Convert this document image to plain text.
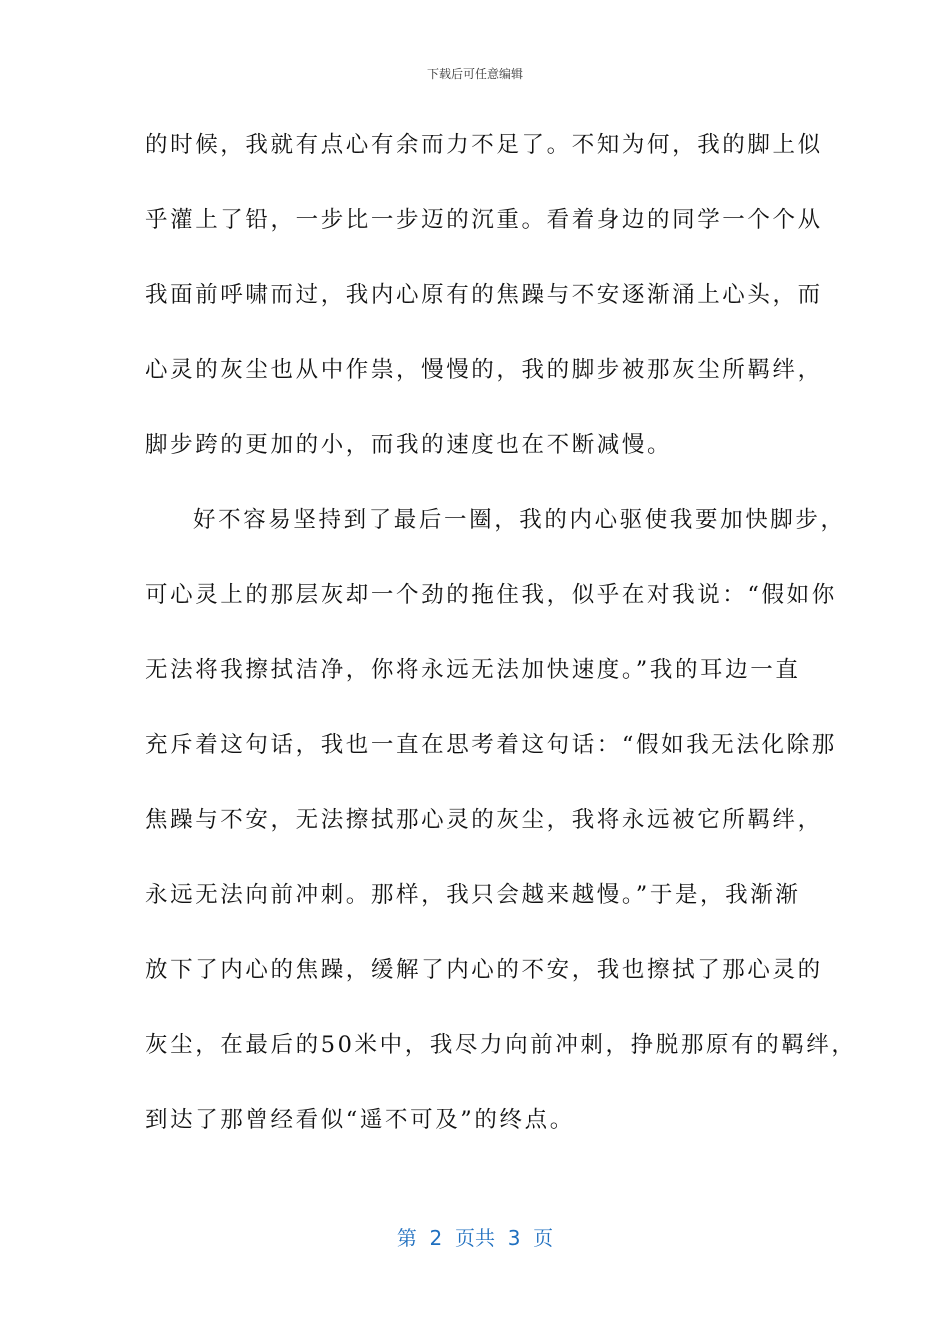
下载后可任意编辑
的时候，我就有点心有余而力不足了。不知为何，我的脚上似
乎灌上了铅，一步比一步迈的沉重。看着身边的同学一个个从
我面前呼啸而过，我内心原有的焦躁与不安逐渐涌上心头，而
心灵的灰尘也从中作祟，慢慢的，我的脚步被那灰尘所羁绊，
脚步跨的更加的小，而我的速度也在不断减慢。
好不容易坚持到了最后一圈，我的内心驱使我要加快脚步，
可心灵上的那层灰却一个劲的拖住我，似乎在对我说：“假如你
无法将我擦拭洁净，你将永远无法加快速度。”我的耳边一直
充斥着这句话，我也一直在思考着这句话：“假如我无法化除那
焦躁与不安，无法擦拭那心灵的灰尘，我将永远被它所羁绊，
永远无法向前冲刺。那样，我只会越来越慢。”于是，我渐渐
放下了内心的焦躁，缓解了内心的不安，我也擦拭了那心灵的
灰尘，在最后的50米中，我尽力向前冲刺，挣脱那原有的羁绊，
到达了那曾经看似“遥不可及”的终点。
第  2  页共  3  页
